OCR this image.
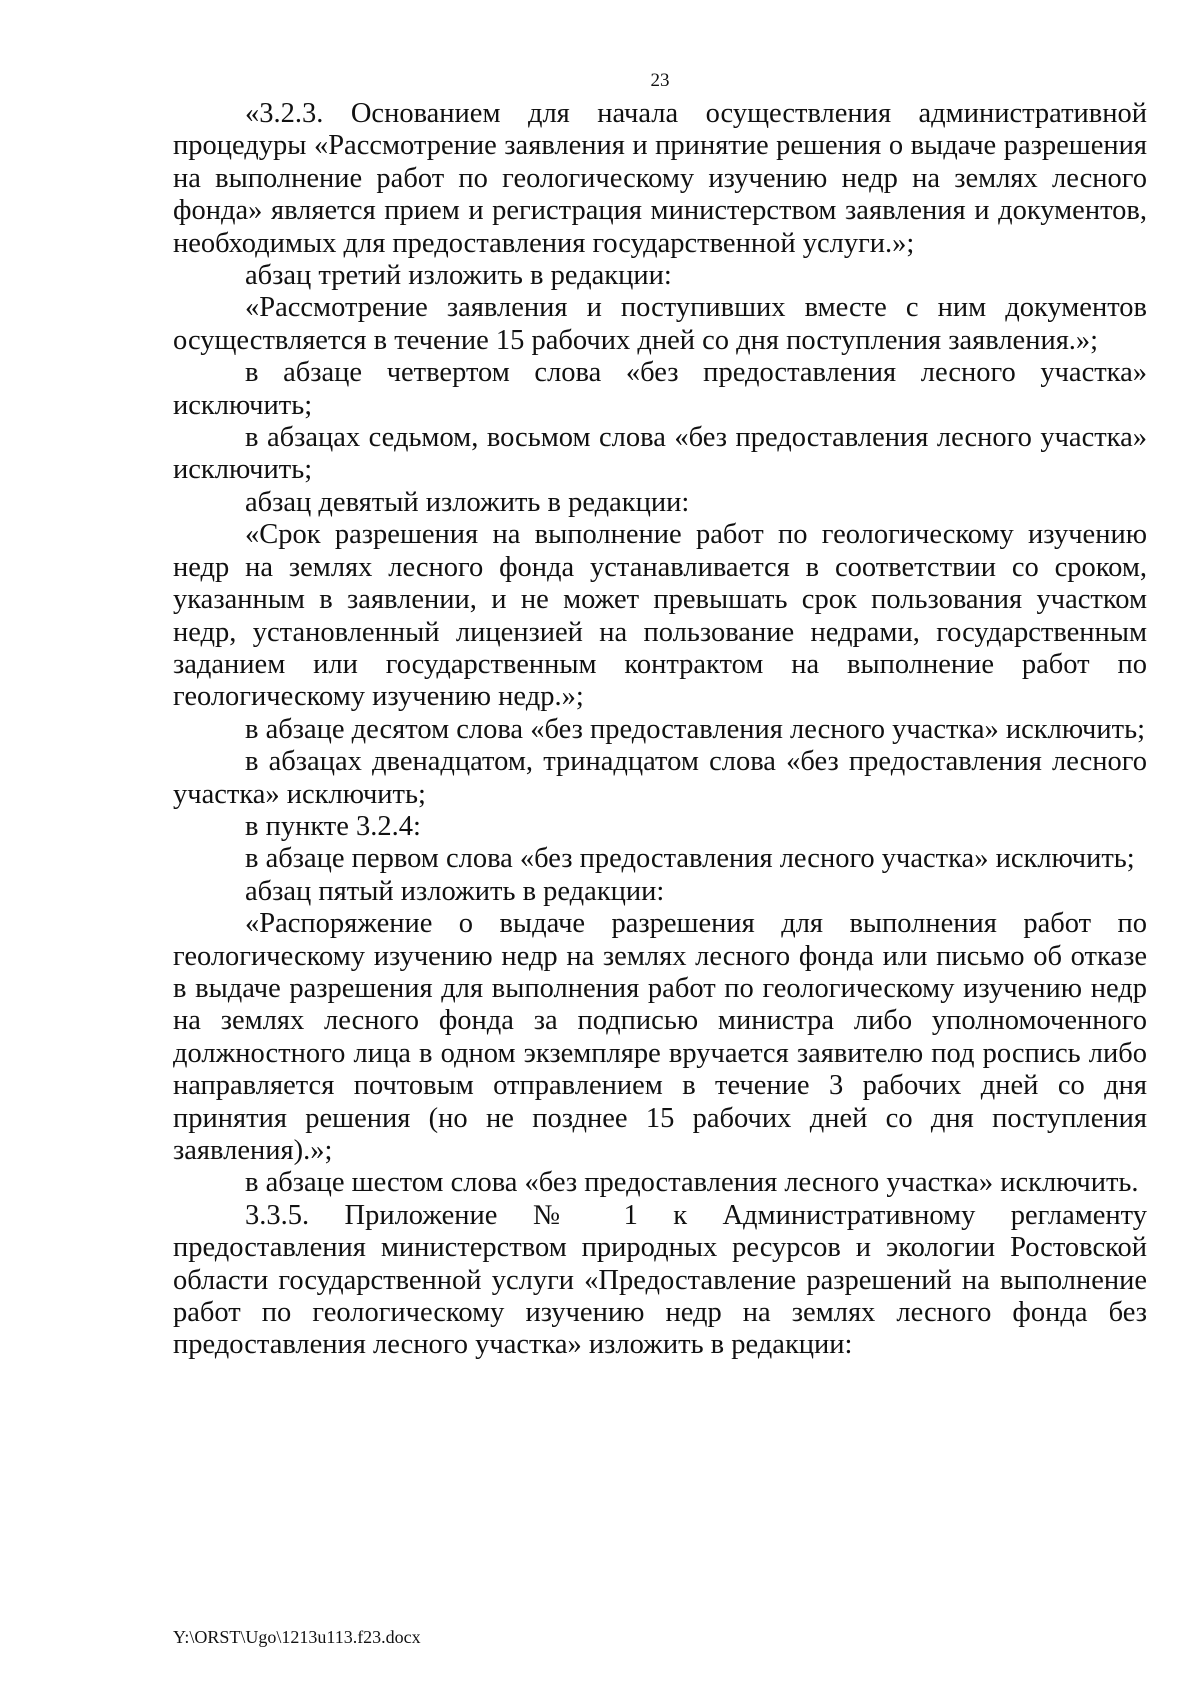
23

«3.2.3. Основанием для начала осуществления административной процедуры «Рассмотрение заявления и принятие решения о выдаче разрешения на выполнение работ по геологическому изучению недр на землях лесного фонда» является прием и регистрация министерством заявления и документов, необходимых для предоставления государственной услуги.»;

абзац третий изложить в редакции:

«Рассмотрение заявления и поступивших вместе с ним документов осуществляется в течение 15 рабочих дней со дня поступления заявления.»;

в абзаце четвертом слова «без предоставления лесного участка» исключить;

в абзацах седьмом, восьмом слова «без предоставления лесного участка» исключить;

абзац девятый изложить в редакции:

«Срок разрешения на выполнение работ по геологическому изучению недр на землях лесного фонда устанавливается в соответствии со сроком, указанным в заявлении, и не может превышать срок пользования участком недр, установленный лицензией на пользование недрами, государственным заданием или государственным контрактом на выполнение работ по геологическому изучению недр.»;

в абзаце десятом слова «без предоставления лесного участка» исключить;

в абзацах двенадцатом, тринадцатом слова «без предоставления лесного участка» исключить;

в пункте 3.2.4:

в абзаце первом слова «без предоставления лесного участка» исключить;

абзац пятый изложить в редакции:

«Распоряжение о выдаче разрешения для выполнения работ по геологическому изучению недр на землях лесного фонда или письмо об отказе в выдаче разрешения для выполнения работ по геологическому изучению недр на землях лесного фонда за подписью министра либо уполномоченного должностного лица в одном экземпляре вручается заявителю под роспись либо направляется почтовым отправлением в течение 3 рабочих дней со дня принятия решения (но не позднее 15 рабочих дней со дня поступления заявления).»;

в абзаце шестом слова «без предоставления лесного участка» исключить.

3.3.5. Приложение № 1 к Административному регламенту предоставления министерством природных ресурсов и экологии Ростовской области государственной услуги «Предоставление разрешений на выполнение работ по геологическому изучению недр на землях лесного фонда без предоставления лесного участка» изложить в редакции:

Y:\ORST\Ugo\1213u113.f23.docx
